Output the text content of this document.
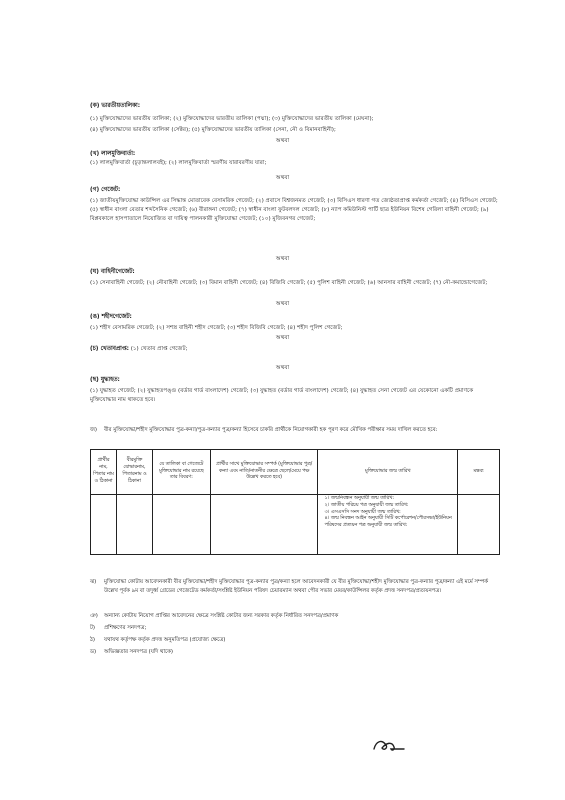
(ক) ভারতীয়তালিকা:
(১) মুক্তিযোদ্ধাদের ভারতীয় তালিকা; (২) মুক্তিযোদ্ধাদের ভারতীয় তালিকা (পদ্মা); (৩) মুক্তিযোদ্ধাদের ভারতীয় তালিকা (মেঘনা);
(৪) মুক্তিযোদ্ধাদের ভারতীয় তালিকা (সেক্টর); (৫) মুক্তিযোদ্ধাদের ভারতীয় তালিকা (সেনা, নৌ ও বিমানবাহিনী);
অথবা
(খ) লালমুক্তিবার্তা:
(১) লালমুক্তিবার্তা (চূড়ান্তলালবই); (২) লালমুক্তিবার্তা স্মরণীয় যারাবরণীয় যারা;
অথবা
(গ) গেজেট:
(১) জাতীয়মুক্তিযোদ্ধা কাউন্সিল এর সিদ্ধান্ত মোতাবেক বেসামরিক গেজেট; (২) প্রবাসে বিশ্বজনমত গেজেট; (৩) বিসিএস ধারণা গত জ্যেষ্ঠতাপ্রাপ্ত কর্মকর্তা গেজেট; (৪) বিসিএস গেজেট; (৫) স্বাধীন বাংলা বেতার শব্দসৈনিক গেজেট; (৬) বীরাঙ্গনা গেজেট; (৭) স্বাধীন বাংলা ফুটবলদল গেজেট; (৮) ন্যাপ কমিউনিস্ট পার্টি ছাত্র ইউনিয়ন বিশেষ গেরিলা বাহিনী গেজেট; (৯) বিপ্লবকালে হাসপাতালে নিয়োজিত বা দায়িত্ব পালনকারী মুক্তিযোদ্ধা গেজেট; (১০) মুজিবনগর গেজেট;
অথবা
(ঘ) বাহিনীগেজেট:
(১) সেনাবাহিনী গেজেট; (২) নৌবাহিনী গেজেট; (৩) বিমান বাহিনী গেজেট; (৪) বিজিবি গেজেট; (৫) পুলিশ বাহিনী গেজেট; (৬) আনসার বাহিনী গেজেট; (৭) নৌ-কমান্ডোগেজেট;
অথবা
(ঙ) শহীদগেজেট:
(১) শহীদ বেসামরিক গেজেট; (২) সশস্ত্র বাহিনী শহীদ গেজেট; (৩) শহীদ বিজিবি গেজেট; (৪) শহীদ পুলিশ গেজেট;
অথবা
(চ) খেতাবপ্রাপ্ত: (১) খেতাব প্রাপ্ত গেজেট;
অথবা
(ছ) যুদ্ধাহত:
(১) যুদ্ধাহত গেজেট; (২) যুদ্ধাহতপঙ্গু (বর্ডার গার্ড বাংলাদেশ) গেজেট; (৩) যুদ্ধাহত (বর্ডার গার্ড বাংলাদেশ) গেজেট; (৪) যুদ্ধাহত সেনা গেজেট এর যেকোনো একটি প্রমাণকে মুক্তিযোদ্ধার নাম থাকতে হবে।
জ)	বীর মুক্তিযোদ্ধা/শহীদ মুক্তিযোদ্ধার পুত্র-কন্যা/পুত্র-কন্যার পুত্র/কন্যা হিসেবে চাকরি প্রার্থীকে নিয়োগকারী হক পূরণ করে মৌখিক পরীক্ষার সময় দাখিল করতে হবে:
প্রার্থীর নাম, পিতার নাম ও ঠিকানা	বীরমুক্তি যোদ্ধারনাম, পিতারনাম ও ঠিকানা	যে তালিকা বা গেজেটে মুক্তিযোদ্ধার নাম রয়েছে তার বিবরণ:	প্রার্থীর সাথে মুক্তিযোদ্ধার সম্পর্ক (মুক্তিযোদ্ধার পুত্র/কন্যা এবং নাতি/নাতনীর ক্ষেত্রে ছেলে/মেয়ে পক্ষ উল্লেখ করতে হবে)	মুক্তিযোদ্ধার জন্ম তারিখ	মন্তব্য

				১। জন্মনিবন্ধন অনুযায়ী জন্ম তারিখ:
২। জাতীয় পরিচয় পত্র অনুযায়ী জন্ম তারিখ:
৩। এসএসসি সনদ অনুযায়ী জন্ম তারিখ:
৪। জন্ম নিবন্ধন আইন অনুযায়ী সিটি কর্পোরেশন/পৌরসভা/ইউনিয়ন পরিষদের প্রত্যয়ন পত্র অনুযায়ী জন্ম তারিখ:	

ঝ)	মুক্তিযোদ্ধা কোটায় আবেদনকারী বীর মুক্তিযোদ্ধা/শহীদ মুক্তিযোদ্ধার পুত্র-কন্যার পুত্র/কন্যা হলে আবেদনকারী যে বীর মুক্তিযোদ্ধা/শহীদ মুক্তিযোদ্ধার পুত্র-কন্যার পুত্র/কন্যা এই মর্মে সম্পর্ক উল্লেখ পূর্বক ৯ম বা তদুর্ধ্ব গ্রেডের গেজেটেড কর্মকর্তা/সংশ্লিষ্ট ইউনিয়ন পরিষদ চেয়ারম্যান অথবা পৌর সভার মেয়র/কাউন্সিলর কর্তৃক প্রদত্ত সনদপত্র/প্রত্যয়নপত্র।
ঞ)	অন্যান্য কোটায় নিয়োগ প্রাপ্তির আবেদনের ক্ষেত্রে সংশ্লিষ্ট কোটার জন্য সরকার কর্তৃক নির্ধারিত সনদপত্র/প্রমাণক
ট)	প্রশিক্ষণের সনদপত্র;
ঠ)	যথাযথ কর্তৃপক্ষ কর্তৃক প্রদত্ত অনুমতিপত্র (প্রযোজ্য ক্ষেত্রে)
ড)	অভিজ্ঞতার সনদপত্র (যদি থাকে)
